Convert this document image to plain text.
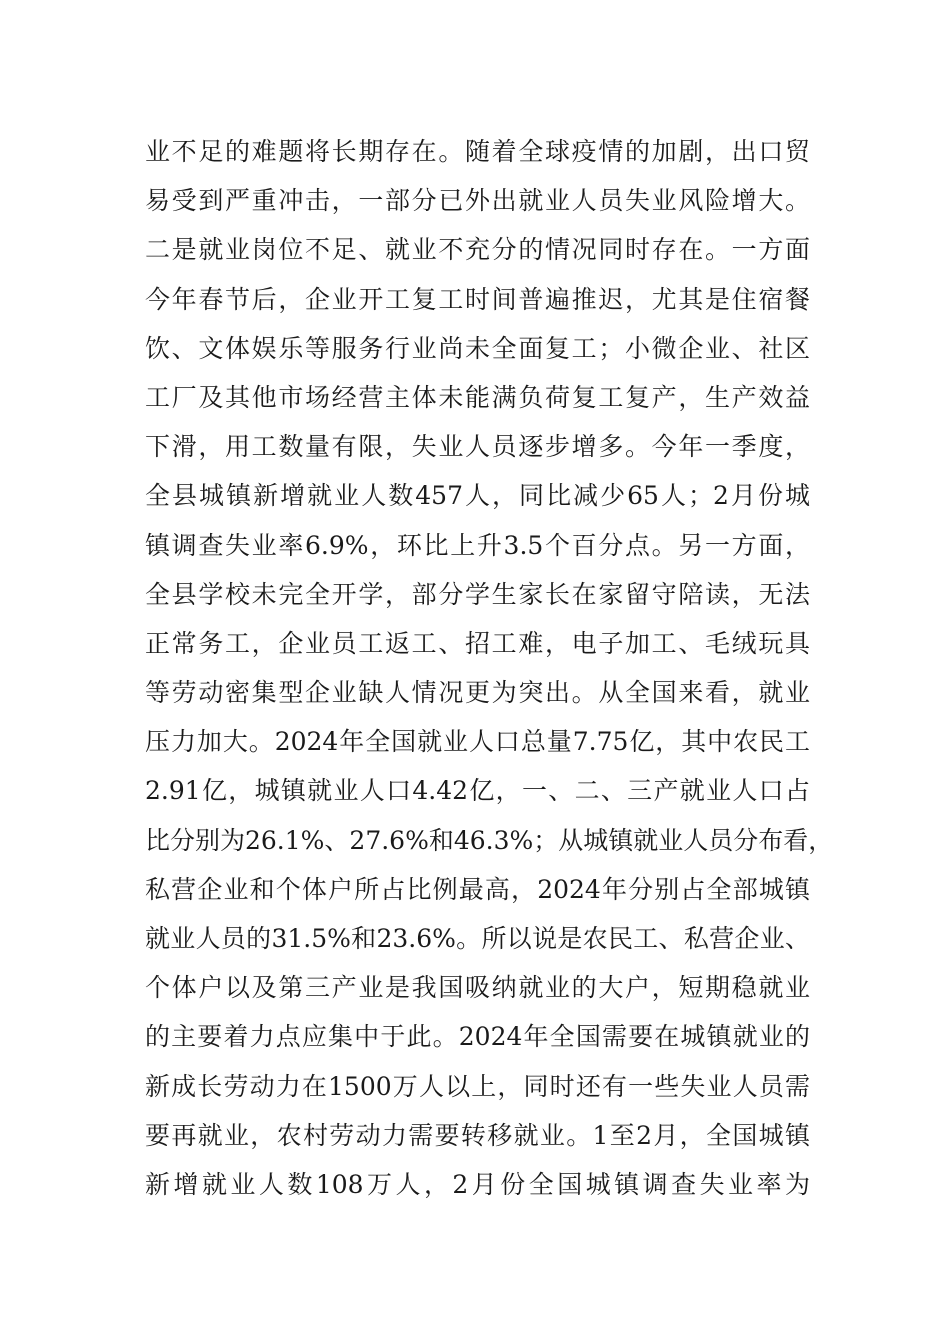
业不足的难题将长期存在。随着全球疫情的加剧，出口贸
易受到严重冲击，一部分已外出就业人员失业风险增大。
二是就业岗位不足、就业不充分的情况同时存在。一方面
今年春节后，企业开工复工时间普遍推迟，尤其是住宿餐
饮、文体娱乐等服务行业尚未全面复工；小微企业、社区
工厂及其他市场经营主体未能满负荷复工复产，生产效益
下滑，用工数量有限，失业人员逐步增多。今年一季度，
全县城镇新增就业人数457人，同比减少65人；2月份城
镇调查失业率6.9%，环比上升3.5个百分点。另一方面，
全县学校未完全开学，部分学生家长在家留守陪读，无法
正常务工，企业员工返工、招工难，电子加工、毛绒玩具
等劳动密集型企业缺人情况更为突出。从全国来看，就业
压力加大。2024年全国就业人口总量7.75亿，其中农民工
2.91亿，城镇就业人口4.42亿，一、二、三产就业人口占
比分别为26.1%、27.6%和46.3%；从城镇就业人员分布看，
私营企业和个体户所占比例最高，2024年分别占全部城镇
就业人员的31.5%和23.6%。所以说是农民工、私营企业、
个体户以及第三产业是我国吸纳就业的大户，短期稳就业
的主要着力点应集中于此。2024年全国需要在城镇就业的
新成长劳动力在1500万人以上，同时还有一些失业人员需
要再就业，农村劳动力需要转移就业。1至2月，全国城镇
新增就业人数108万人，2月份全国城镇调查失业率为
